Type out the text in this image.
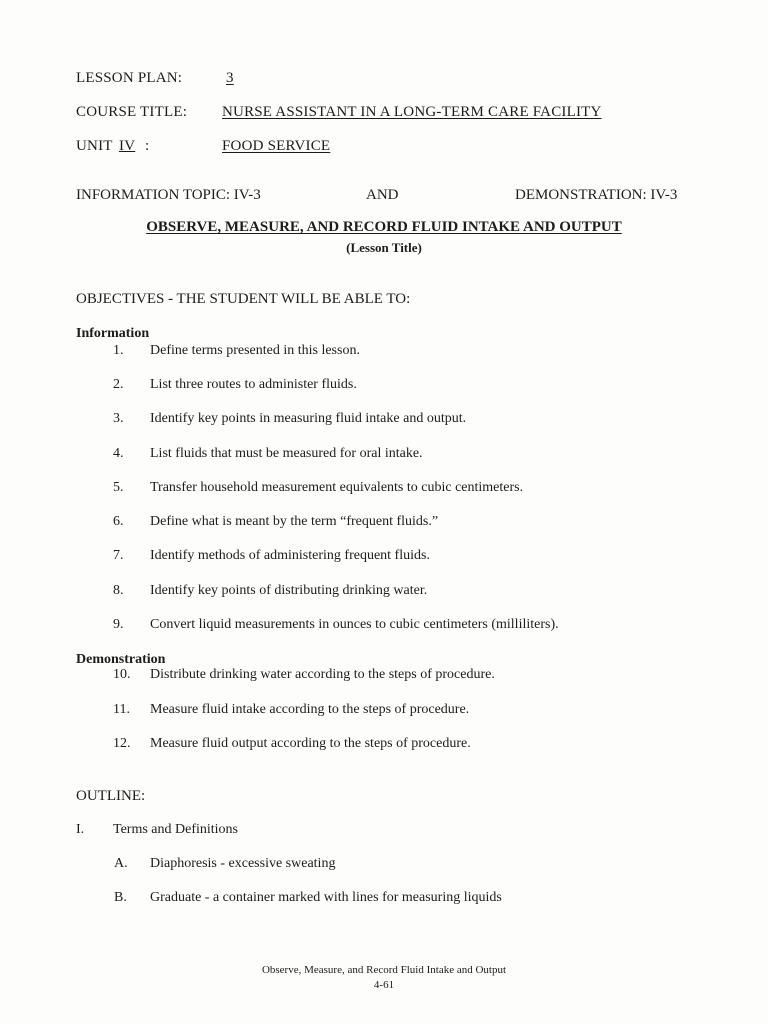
LESSON PLAN:	3
COURSE TITLE: NURSE ASSISTANT IN A LONG-TERM CARE FACILITY
UNIT IV :	FOOD SERVICE
INFORMATION TOPIC: IV-3	AND	DEMONSTRATION: IV-3
OBSERVE, MEASURE, AND RECORD FLUID INTAKE AND OUTPUT
(Lesson Title)
OBJECTIVES - THE STUDENT WILL BE ABLE TO:
Information
1. Define terms presented in this lesson.
2. List three routes to administer fluids.
3. Identify key points in measuring fluid intake and output.
4. List fluids that must be measured for oral intake.
5. Transfer household measurement equivalents to cubic centimeters.
6. Define what is meant by the term “frequent fluids.”
7. Identify methods of administering frequent fluids.
8. Identify key points of distributing drinking water.
9. Convert liquid measurements in ounces to cubic centimeters (milliliters).
Demonstration
10. Distribute drinking water according to the steps of procedure.
11. Measure fluid intake according to the steps of procedure.
12. Measure fluid output according to the steps of procedure.
OUTLINE:
I. Terms and Definitions
A. Diaphoresis - excessive sweating
B. Graduate - a container marked with lines for measuring liquids
Observe, Measure, and Record Fluid Intake and Output
4-61
